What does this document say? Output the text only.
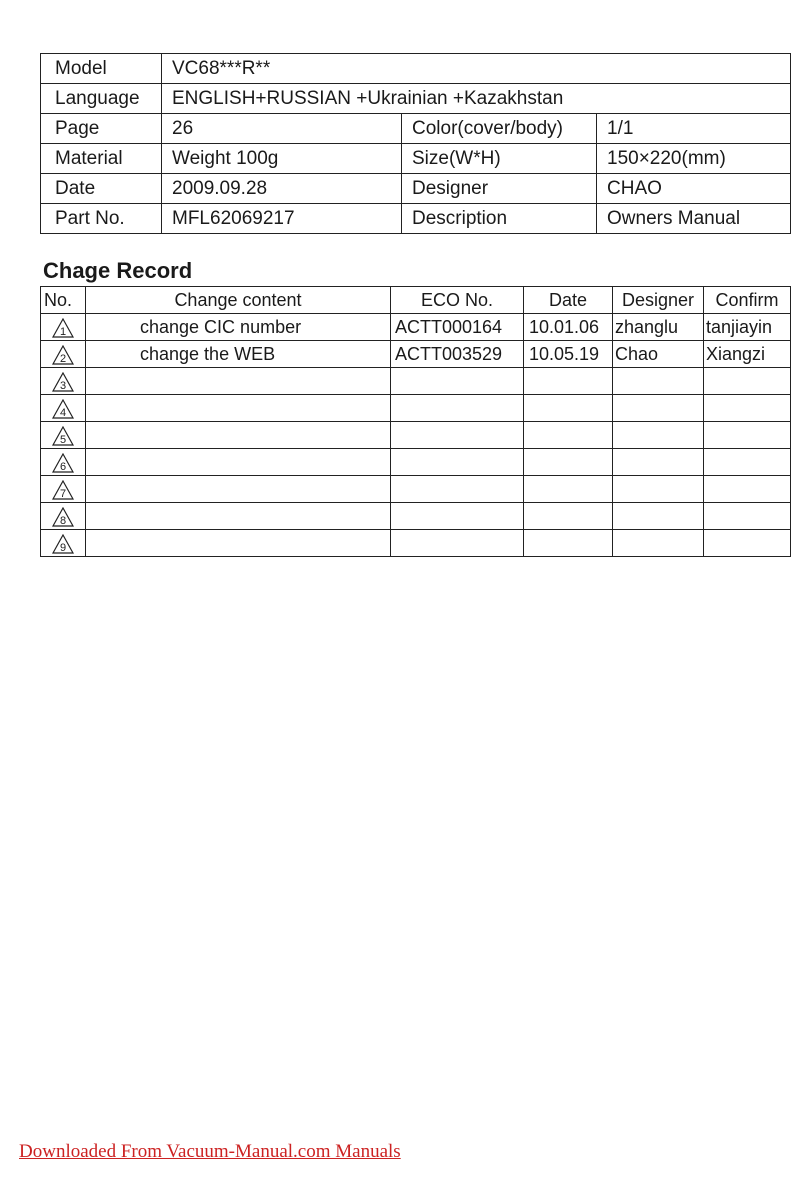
Model	VC68***R**		
Language	ENGLISH+RUSSIAN +Ukrainian +Kazakhstan		
Page	26	Color(cover/body)	1/1
Material	Weight 100g	Size(W*H)	150×220(mm)
Date	2009.09.28	Designer	CHAO
Part No.	MFL62069217	Description	Owners Manual
Chage Record
No.	Change content	ECO No.	Date	Designer	Confirm

1	change CIC number	ACTT000164	10.01.06	zhanglu	tanjiayin

2	change the WEB	ACTT003529	10.05.19	Chao	Xiangzi

3					

4					

5					

6					

7					

8					

9					

Downloaded From Vacuum-Manual.com Manuals
